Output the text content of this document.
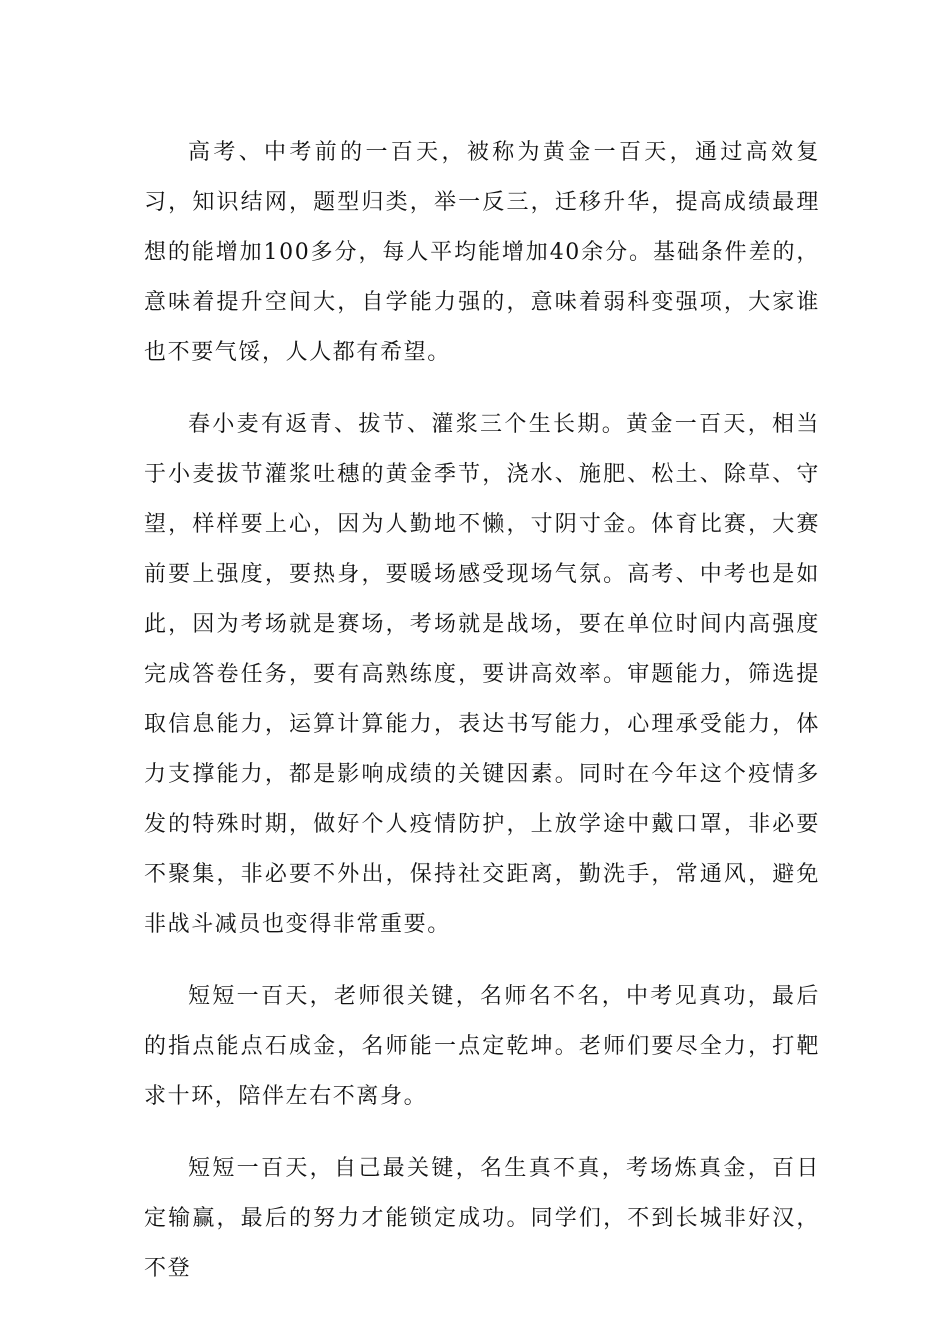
高考、中考前的一百天，被称为黄金一百天，通过高效复习，知识结网，题型归类，举一反三，迁移升华，提高成绩最理想的能增加100多分，每人平均能增加40余分。基础条件差的，意味着提升空间大，自学能力强的，意味着弱科变强项，大家谁也不要气馁，人人都有希望。

春小麦有返青、拔节、灌浆三个生长期。黄金一百天，相当于小麦拔节灌浆吐穗的黄金季节，浇水、施肥、松土、除草、守望，样样要上心，因为人勤地不懒，寸阴寸金。体育比赛，大赛前要上强度，要热身，要暖场感受现场气氛。高考、中考也是如此，因为考场就是赛场，考场就是战场，要在单位时间内高强度完成答卷任务，要有高熟练度，要讲高效率。审题能力，筛选提取信息能力，运算计算能力，表达书写能力，心理承受能力，体力支撑能力，都是影响成绩的关键因素。同时在今年这个疫情多发的特殊时期，做好个人疫情防护，上放学途中戴口罩，非必要不聚集，非必要不外出，保持社交距离，勤洗手，常通风，避免非战斗减员也变得非常重要。

短短一百天，老师很关键，名师名不名，中考见真功，最后的指点能点石成金，名师能一点定乾坤。老师们要尽全力，打靶求十环，陪伴左右不离身。

短短一百天，自己最关键，名生真不真，考场炼真金，百日定输赢，最后的努力才能锁定成功。同学们，不到长城非好汉，不登
